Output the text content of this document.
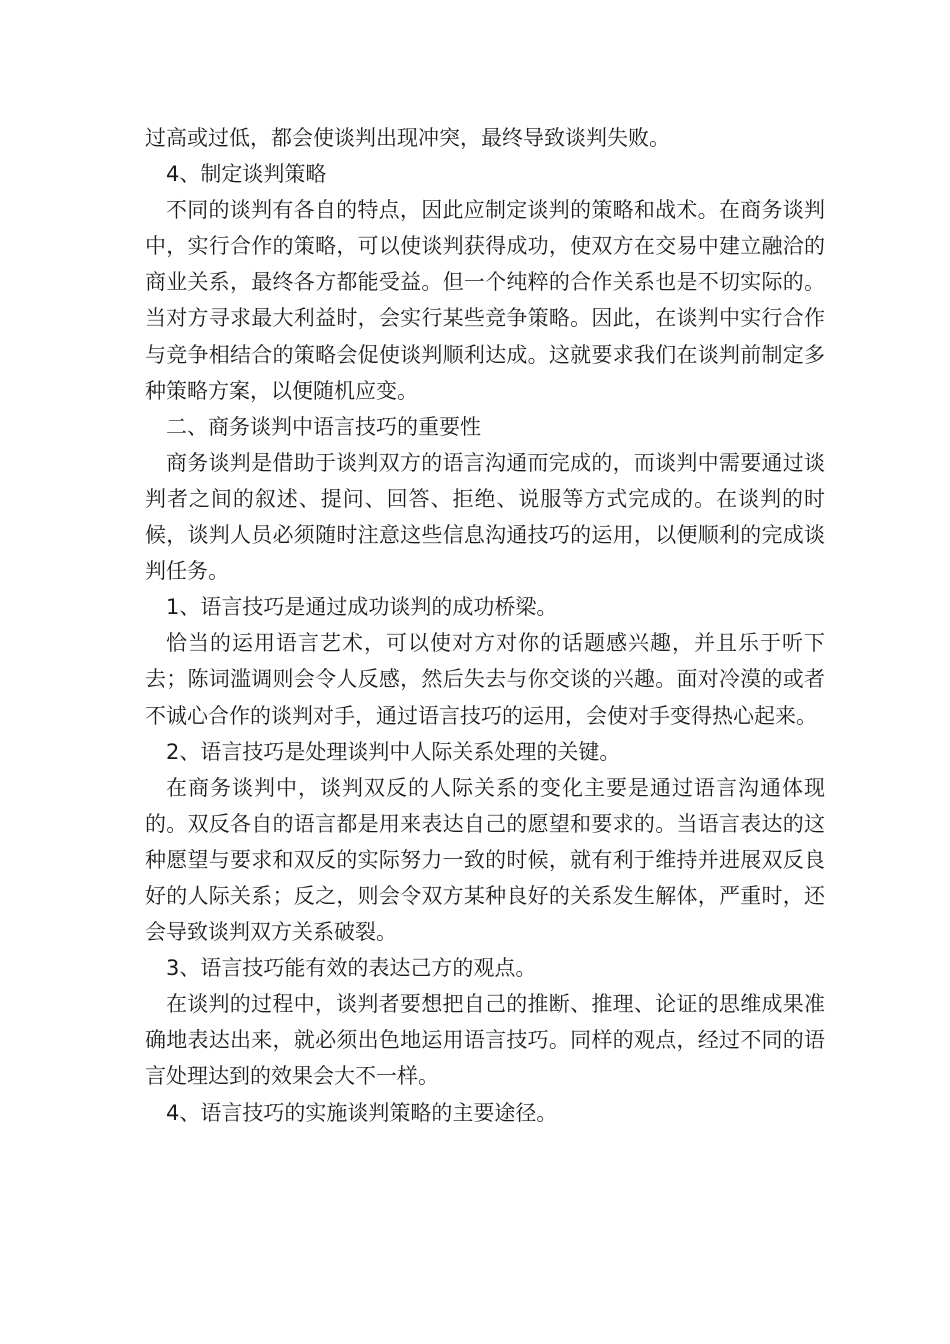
过高或过低，都会使谈判出现冲突，最终导致谈判失败。

4、制定谈判策略

不同的谈判有各自的特点，因此应制定谈判的策略和战术。在商务谈判中，实行合作的策略，可以使谈判获得成功，使双方在交易中建立融洽的商业关系，最终各方都能受益。但一个纯粹的合作关系也是不切实际的。当对方寻求最大利益时，会实行某些竞争策略。因此，在谈判中实行合作与竞争相结合的策略会促使谈判顺利达成。这就要求我们在谈判前制定多种策略方案，以便随机应变。

二、商务谈判中语言技巧的重要性

商务谈判是借助于谈判双方的语言沟通而完成的，而谈判中需要通过谈判者之间的叙述、提问、回答、拒绝、说服等方式完成的。在谈判的时候，谈判人员必须随时注意这些信息沟通技巧的运用，以便顺利的完成谈判任务。

1、语言技巧是通过成功谈判的成功桥梁。

恰当的运用语言艺术，可以使对方对你的话题感兴趣，并且乐于听下去；陈词滥调则会令人反感，然后失去与你交谈的兴趣。面对冷漠的或者不诚心合作的谈判对手，通过语言技巧的运用，会使对手变得热心起来。

2、语言技巧是处理谈判中人际关系处理的关键。

在商务谈判中，谈判双反的人际关系的变化主要是通过语言沟通体现的。双反各自的语言都是用来表达自己的愿望和要求的。当语言表达的这种愿望与要求和双反的实际努力一致的时候，就有利于维持并进展双反良好的人际关系；反之，则会令双方某种良好的关系发生解体，严重时，还会导致谈判双方关系破裂。

3、语言技巧能有效的表达己方的观点。

在谈判的过程中，谈判者要想把自己的推断、推理、论证的思维成果准确地表达出来，就必须出色地运用语言技巧。同样的观点，经过不同的语言处理达到的效果会大不一样。

4、语言技巧的实施谈判策略的主要途径。
